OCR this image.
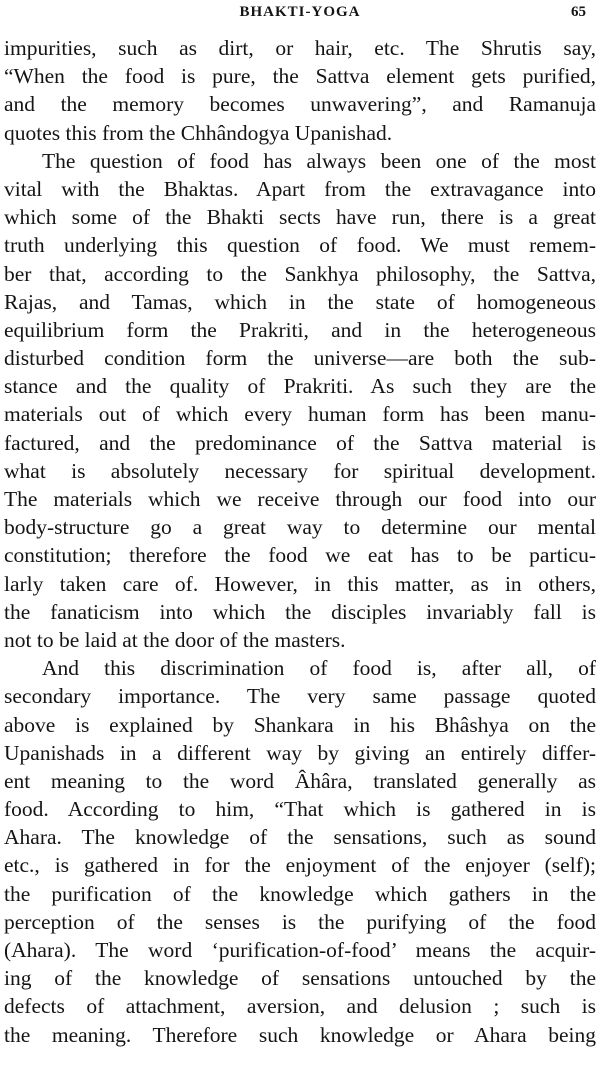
BHAKTI-YOGA	65
impurities, such as dirt, or hair, etc. The Shrutis say,
“When the food is pure, the Sattva element gets purified,
and the memory becomes unwavering”, and Ramanuja
quotes this from the Chhândogya Upanishad.
The question of food has always been one of the most
vital with the Bhaktas. Apart from the extravagance into
which some of the Bhakti sects have run, there is a great
truth underlying this question of food. We must remem-
ber that, according to the Sankhya philosophy, the Sattva,
Rajas, and Tamas, which in the state of homogeneous
equilibrium form the Prakriti, and in the heterogeneous
disturbed condition form the universe—are both the sub-
stance and the quality of Prakriti. As such they are the
materials out of which every human form has been manu-
factured, and the predominance of the Sattva material is
what is absolutely necessary for spiritual development.
The materials which we receive through our food into our
body-structure go a great way to determine our mental
constitution; therefore the food we eat has to be particu-
larly taken care of. However, in this matter, as in others,
the fanaticism into which the disciples invariably fall is
not to be laid at the door of the masters.
And this discrimination of food is, after all, of
secondary importance. The very same passage quoted
above is explained by Shankara in his Bhâshya on the
Upanishads in a different way by giving an entirely differ-
ent meaning to the word Âhâra, translated generally as
food. According to him, “That which is gathered in is
Ahara. The knowledge of the sensations, such as sound
etc., is gathered in for the enjoyment of the enjoyer (self);
the purification of the knowledge which gathers in the
perception of the senses is the purifying of the food
(Ahara). The word ‘purification-of-food’ means the acquir-
ing of the knowledge of sensations untouched by the
defects of attachment, aversion, and delusion ; such is
the meaning. Therefore such knowledge or Ahara being
